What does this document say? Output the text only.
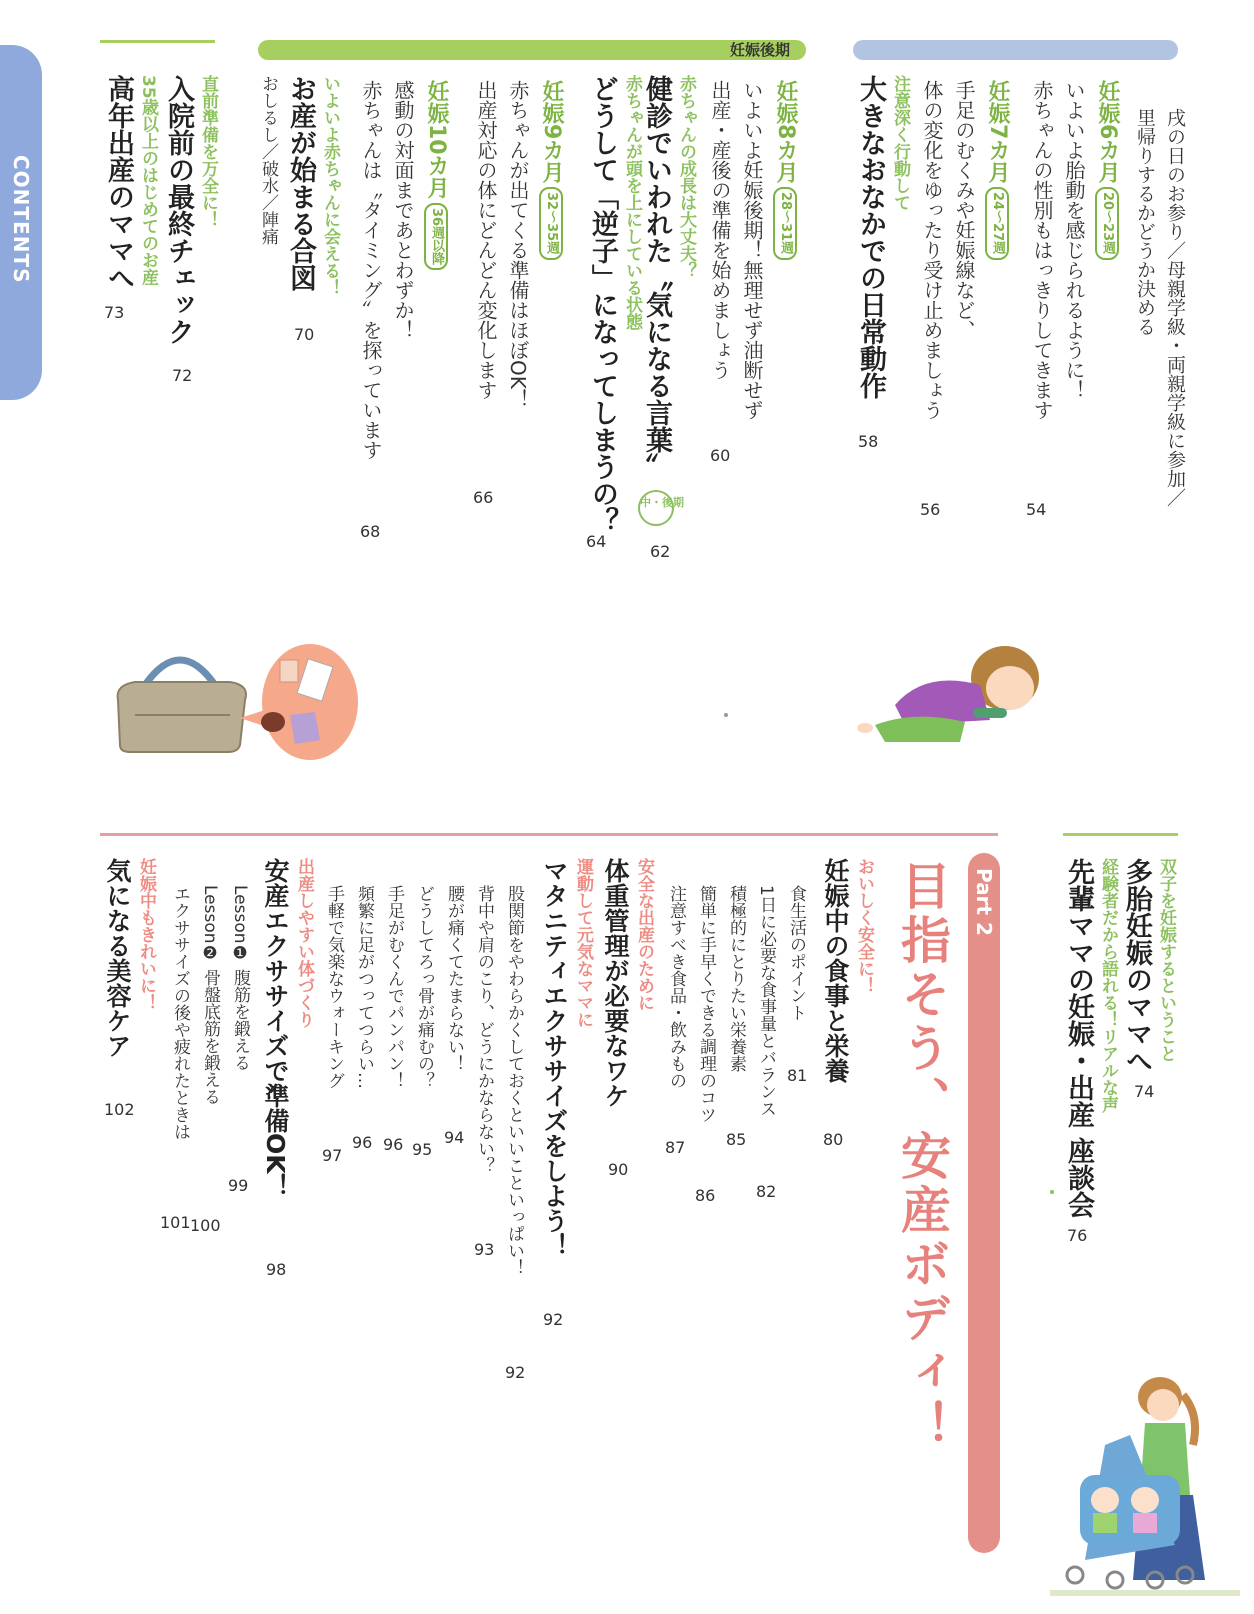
CONTENTS
妊娠後期
戌の日のお参り／母親学級・両親学級に参加／
里帰りするかどうか決める
妊娠6カ月20～23週
いよいよ胎動を感じられるように！
赤ちゃんの性別もはっきりしてきます
54
妊娠7カ月24～27週
手足のむくみや妊娠線など、
体の変化をゆったり受け止めましょう
56
注意深く行動して
大きなおなかでの日常動作
58
妊娠8カ月28～31週
いよいよ妊娠後期！無理せず油断せず
出産・産後の準備を始めましょう
60
赤ちゃんの成長は大丈夫？
健診でいわれた〝気になる言葉〟中・後期
62
赤ちゃんが頭を上にしている状態
どうして「逆子」になってしまうの？
64
妊娠9カ月32～35週
赤ちゃんが出てくる準備はほぼOK！
出産対応の体にどんどん変化します
66
妊娠10カ月36週以降
感動の対面まであとわずか！
赤ちゃんは〝タイミング〟を探っています
68
いよいよ赤ちゃんに会える！
お産が始まる合図
おしるし／破水／陣痛
70
直前準備を万全に！
入院前の最終チェック
72
35歳以上のはじめてのお産
高年出産のママへ
73
双子を妊娠するということ
多胎妊娠のママへ
74
経験者だから語れる！リアルな声
先輩ママの妊娠・出産 座談会
76
Part 2
目指そう、安産ボディ！
おいしく安全に！
妊娠中の食事と栄養
80
食生活のポイント
81
1日に必要な食事量とバランス
82
積極的にとりたい栄養素
85
簡単に手早くできる調理のコツ
86
注意すべき食品・飲みもの
87
安全な出産のために
体重管理が必要なワケ
90
運動して元気なママに
マタニティエクササイズをしよう！
92
股関節をやわらかくしておくといいこといっぱい！
92
背中や肩のこり、どうにかならない？
93
腰が痛くてたまらない！
94
どうしてろっ骨が痛むの？
95
手足がむくんでパンパン！
96
頻繁に足がつってつらい…
96
手軽で気楽なウォーキング
97
出産しやすい体づくり
安産エクササイズで準備OK！
98
Lesson❶ 腹筋を鍛える
99
Lesson❷ 骨盤底筋を鍛える
100
エクササイズの後や疲れたときは
101
妊娠中もきれいに！
気になる美容ケア
102
